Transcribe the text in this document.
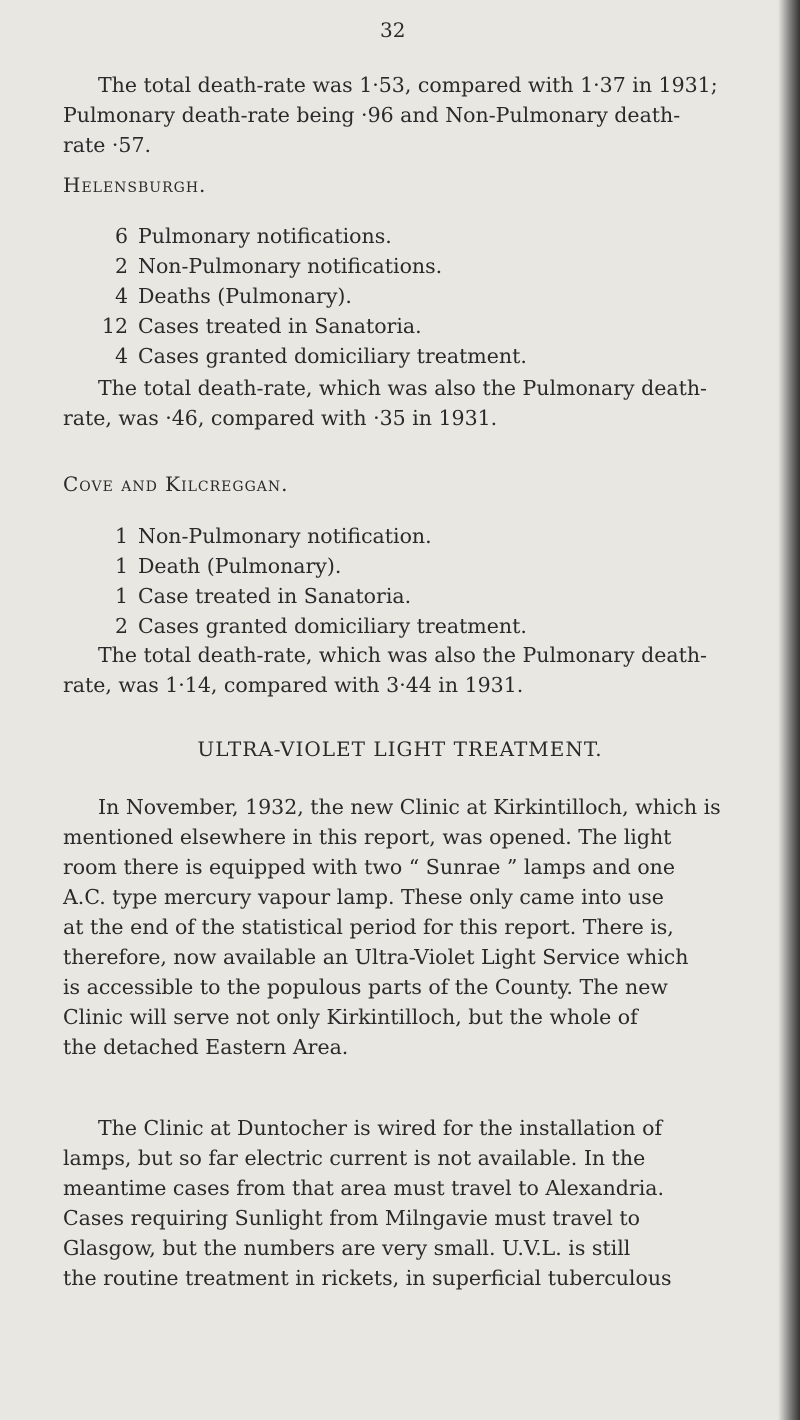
32

The total death-rate was 1·53, compared with 1·37 in 1931;
Pulmonary death-rate being ·96 and Non-Pulmonary death-
rate ·57.

Helensburgh.
6 Pulmonary notifications.
2 Non-Pulmonary notifications.
4 Deaths (Pulmonary).
12 Cases treated in Sanatoria.
4 Cases granted domiciliary treatment.

The total death-rate, which was also the Pulmonary death-
rate, was ·46, compared with ·35 in 1931.

Cove and Kilcreggan.
1 Non-Pulmonary notification.
1 Death (Pulmonary).
1 Case treated in Sanatoria.
2 Cases granted domiciliary treatment.

The total death-rate, which was also the Pulmonary death-
rate, was 1·14, compared with 3·44 in 1931.

ULTRA-VIOLET LIGHT TREATMENT.

In November, 1932, the new Clinic at Kirkintilloch, which is
mentioned elsewhere in this report, was opened. The light
room there is equipped with two “ Sunrae ” lamps and one
A.C. type mercury vapour lamp. These only came into use
at the end of the statistical period for this report. There is,
therefore, now available an Ultra-Violet Light Service which
is accessible to the populous parts of the County. The new
Clinic will serve not only Kirkintilloch, but the whole of
the detached Eastern Area.

The Clinic at Duntocher is wired for the installation of
lamps, but so far electric current is not available. In the
meantime cases from that area must travel to Alexandria.
Cases requiring Sunlight from Milngavie must travel to
Glasgow, but the numbers are very small. U.V.L. is still
the routine treatment in rickets, in superficial tuberculous
